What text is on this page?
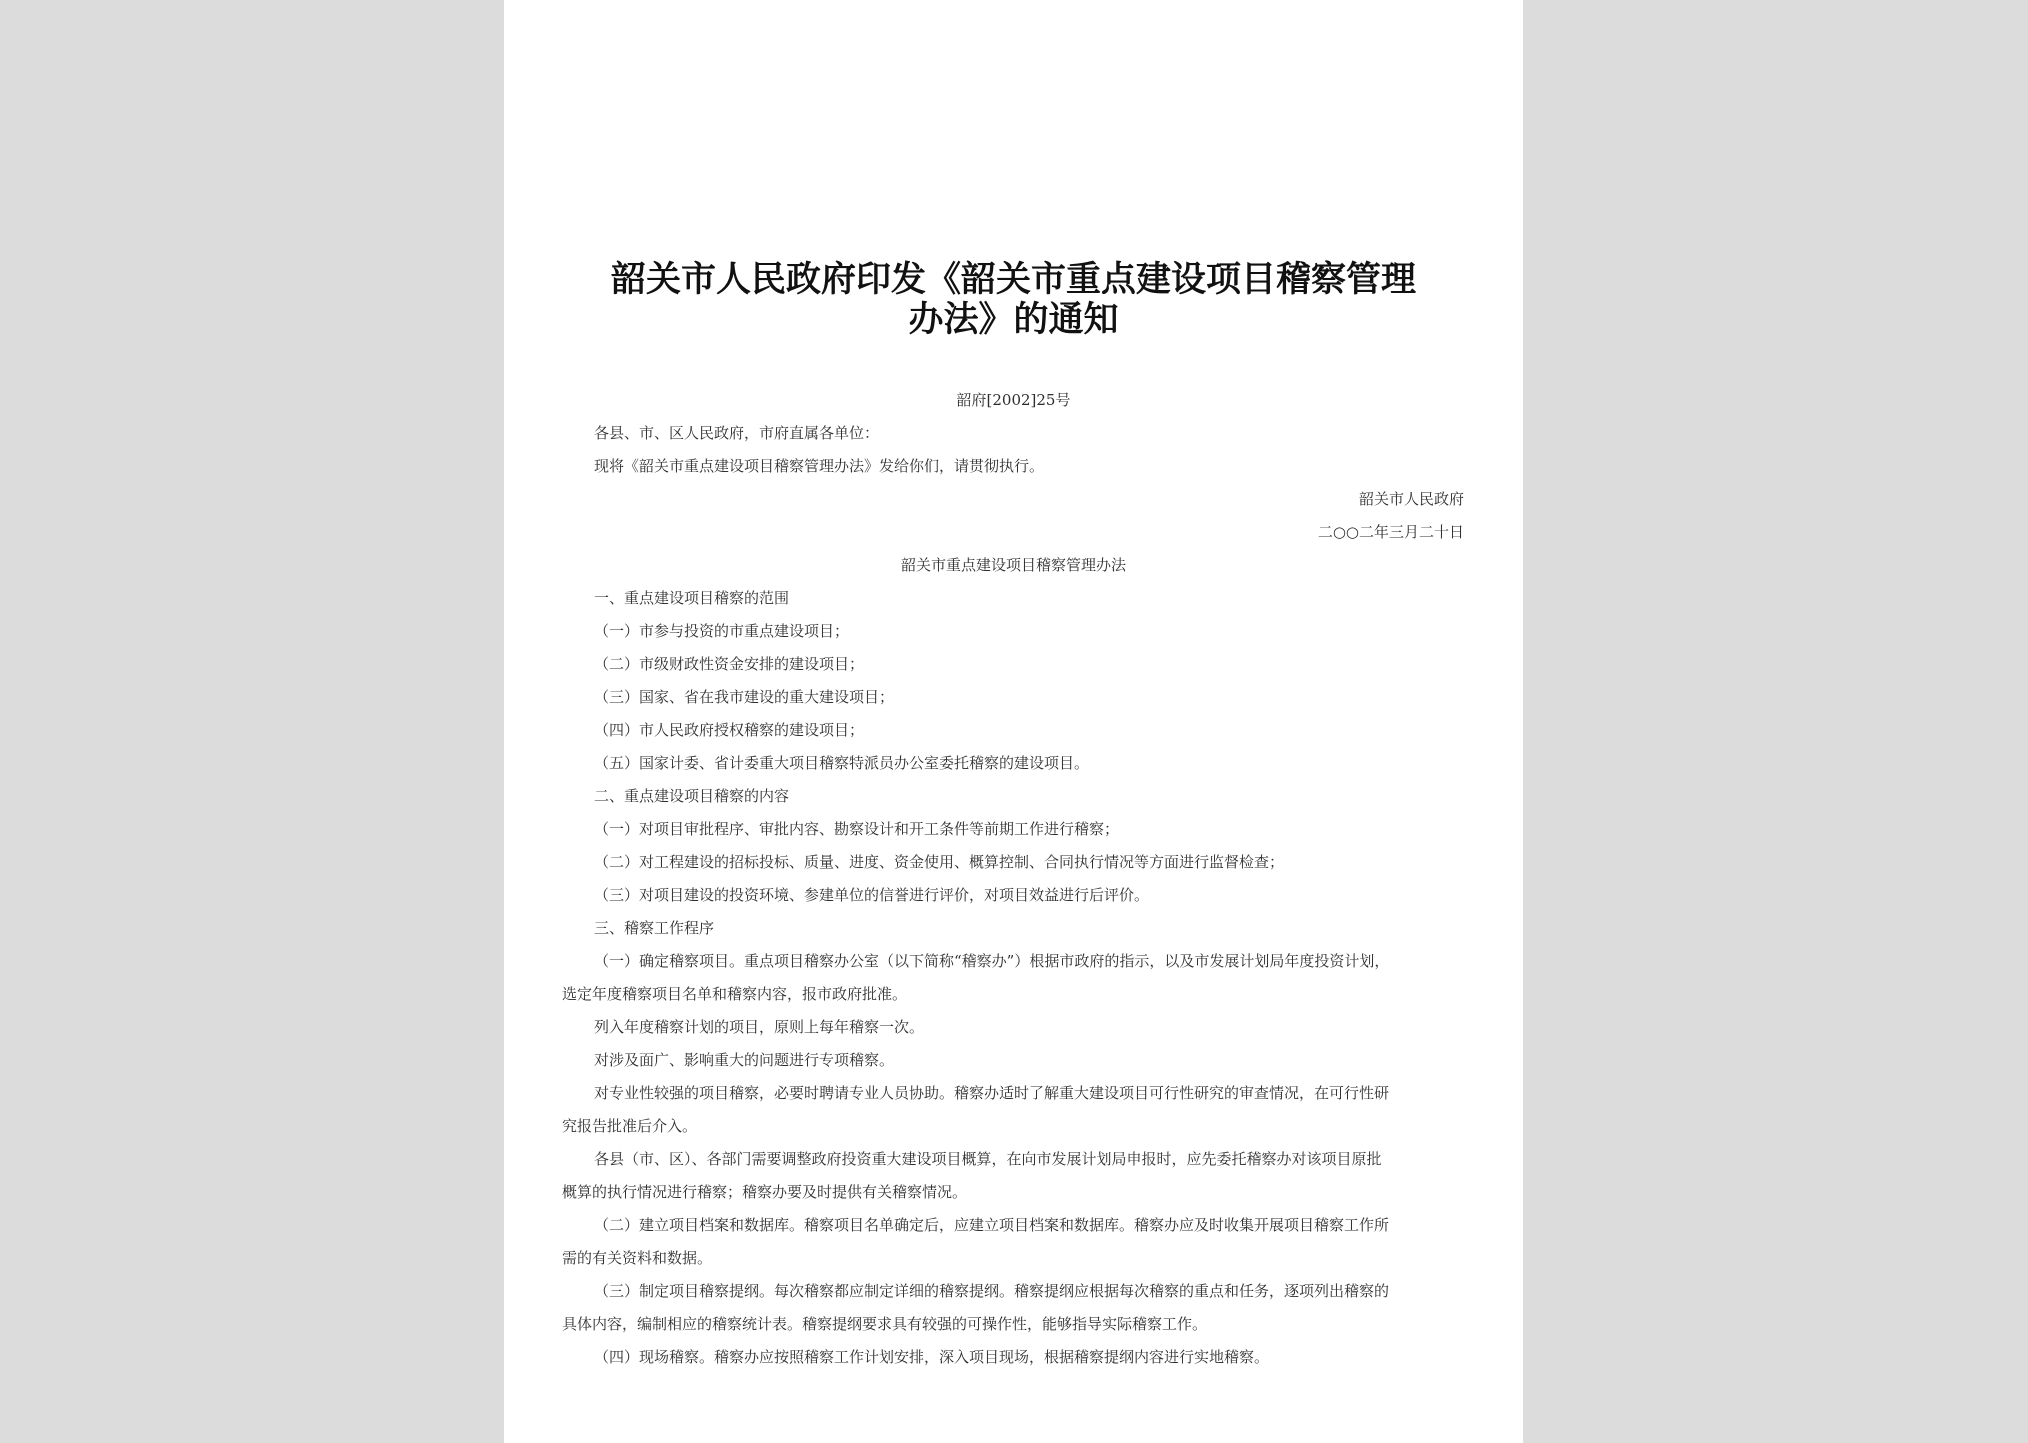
韶关市人民政府印发《韶关市重点建设项目稽察管理
办法》的通知
韶府[2002]25号
各县、市、区人民政府，市府直属各单位：
现将《韶关市重点建设项目稽察管理办法》发给你们，请贯彻执行。
韶关市人民政府
二○○二年三月二十日
韶关市重点建设项目稽察管理办法
一、重点建设项目稽察的范围
（一）市参与投资的市重点建设项目；
（二）市级财政性资金安排的建设项目；
（三）国家、省在我市建设的重大建设项目；
（四）市人民政府授权稽察的建设项目；
（五）国家计委、省计委重大项目稽察特派员办公室委托稽察的建设项目。
二、重点建设项目稽察的内容
（一）对项目审批程序、审批内容、勘察设计和开工条件等前期工作进行稽察；
（二）对工程建设的招标投标、质量、进度、资金使用、概算控制、合同执行情况等方面进行监督检查；
（三）对项目建设的投资环境、参建单位的信誉进行评价，对项目效益进行后评价。
三、稽察工作程序
（一）确定稽察项目。重点项目稽察办公室（以下简称“稽察办”）根据市政府的指示，以及市发展计划局年度投资计划，
选定年度稽察项目名单和稽察内容，报市政府批准。
列入年度稽察计划的项目，原则上每年稽察一次。
对涉及面广、影响重大的问题进行专项稽察。
对专业性较强的项目稽察，必要时聘请专业人员协助。稽察办适时了解重大建设项目可行性研究的审查情况，在可行性研
究报告批准后介入。
各县（市、区）、各部门需要调整政府投资重大建设项目概算，在向市发展计划局申报时，应先委托稽察办对该项目原批
概算的执行情况进行稽察；稽察办要及时提供有关稽察情况。
（二）建立项目档案和数据库。稽察项目名单确定后，应建立项目档案和数据库。稽察办应及时收集开展项目稽察工作所
需的有关资料和数据。
（三）制定项目稽察提纲。每次稽察都应制定详细的稽察提纲。稽察提纲应根据每次稽察的重点和任务，逐项列出稽察的
具体内容，编制相应的稽察统计表。稽察提纲要求具有较强的可操作性，能够指导实际稽察工作。
（四）现场稽察。稽察办应按照稽察工作计划安排，深入项目现场，根据稽察提纲内容进行实地稽察。
